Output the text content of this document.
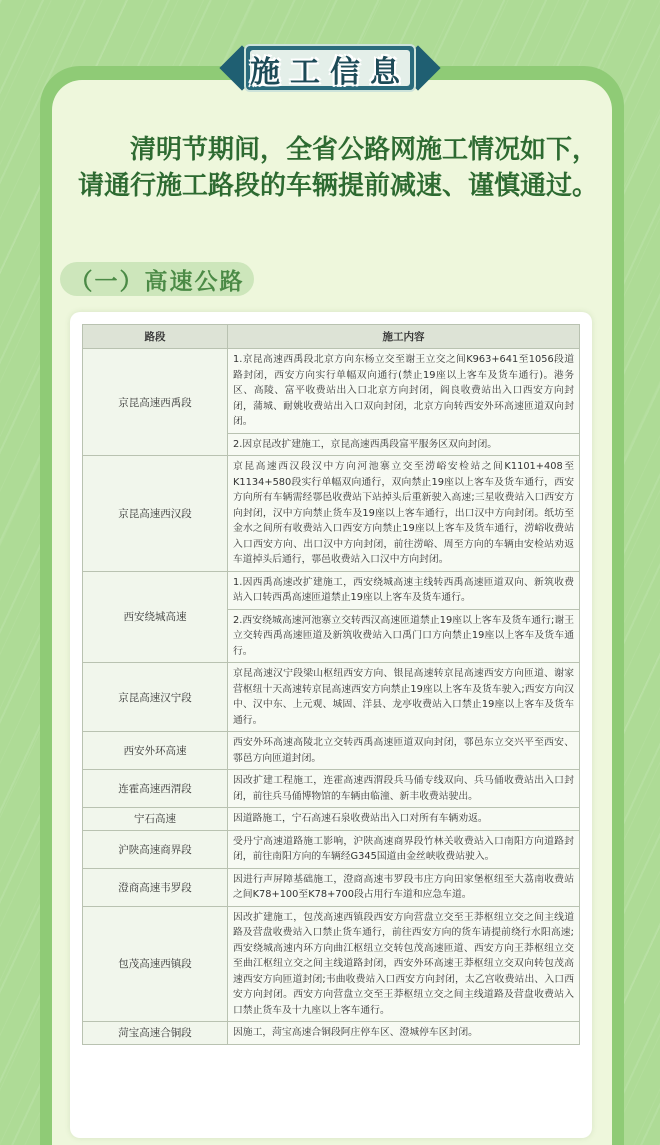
施工信息

清明节期间，全省公路网施工情况如下，请通行施工路段的车辆提前减速、谨慎通过。

（一）高速公路
路段	施工内容
京昆高速西禹段	1.京昆高速西禹段北京方向东杨立交至谢王立交之间K963+641至1056段道路封闭，西安方向实行单幅双向通行(禁止19座以上客车及货车通行)。港务区、高陵、富平收费站出入口北京方向封闭，阎良收费站出入口西安方向封闭，蒲城、耐姚收费站出入口双向封闭，北京方向转西安外环高速匝道双向封闭。
	2.因京昆改扩建施工，京昆高速西禹段富平服务区双向封闭。
京昆高速西汉段	京昆高速西汉段汉中方向河池寨立交至涝峪安检站之间K1101+408至K1134+580段实行单幅双向通行，双向禁止19座以上客车及货车通行，西安方向所有车辆需经鄠邑收费站下站掉头后重新驶入高速;三星收费站入口西安方向封闭，汉中方向禁止货车及19座以上客车通行，出口汉中方向封闭。纸坊至金水之间所有收费站入口西安方向禁止19座以上客车及货车通行，涝峪收费站入口西安方向、出口汉中方向封闭，前往涝峪、周至方向的车辆由安检站劝返车道掉头后通行，鄠邑收费站入口汉中方向封闭。
西安绕城高速	1.因西禹高速改扩建施工，西安绕城高速主线转西禹高速匝道双向、新筑收费站入口转西禹高速匝道禁止19座以上客车及货车通行。
	2.西安绕城高速河池寨立交转西汉高速匝道禁止19座以上客车及货车通行;谢王立交转西禹高速匝道及新筑收费站入口禹门口方向禁止19座以上客车及货车通行。
京昆高速汉宁段	京昆高速汉宁段梁山枢纽西安方向、银昆高速转京昆高速西安方向匝道、谢家营枢纽十天高速转京昆高速西安方向禁止19座以上客车及货车驶入;西安方向汉中、汉中东、上元观、城固、洋县、龙亭收费站入口禁止19座以上客车及货车通行。
西安外环高速	西安外环高速高陵北立交转西禹高速匝道双向封闭，鄠邑东立交兴平至西安、鄠邑方向匝道封闭。
连霍高速西渭段	因改扩建工程施工，连霍高速西渭段兵马俑专线双向、兵马俑收费站出入口封闭，前往兵马俑博物馆的车辆由临潼、新丰收费站驶出。
宁石高速	因道路施工，宁石高速石泉收费站出入口对所有车辆劝返。
沪陕高速商界段	受丹宁高速道路施工影响，沪陕高速商界段竹林关收费站入口南阳方向道路封闭，前往南阳方向的车辆经G345国道由金丝峡收费站驶入。
澄商高速韦罗段	因进行声屏障基础施工，澄商高速韦罗段韦庄方向田家堡枢纽至大荔南收费站之间K78+100至K78+700段占用行车道和应急车道。
包茂高速西镇段	因改扩建施工，包茂高速西镇段西安方向营盘立交至王莽枢纽立交之间主线道路及营盘收费站入口禁止货车通行，前往西安方向的货车请提前绕行水阳高速;西安绕城高速内环方向曲江枢纽立交转包茂高速匝道、西安方向王莽枢纽立交至曲江枢纽立交之间主线道路封闭，西安外环高速王莽枢纽立交双向转包茂高速西安方向匝道封闭;韦曲收费站入口西安方向封闭，太乙宫收费站出、入口西安方向封闭。西安方向营盘立交至王莽枢纽立交之间主线道路及营盘收费站入口禁止货车及十九座以上客车通行。
菏宝高速合铜段	因施工，菏宝高速合铜段阿庄停车区、澄城停车区封闭。
